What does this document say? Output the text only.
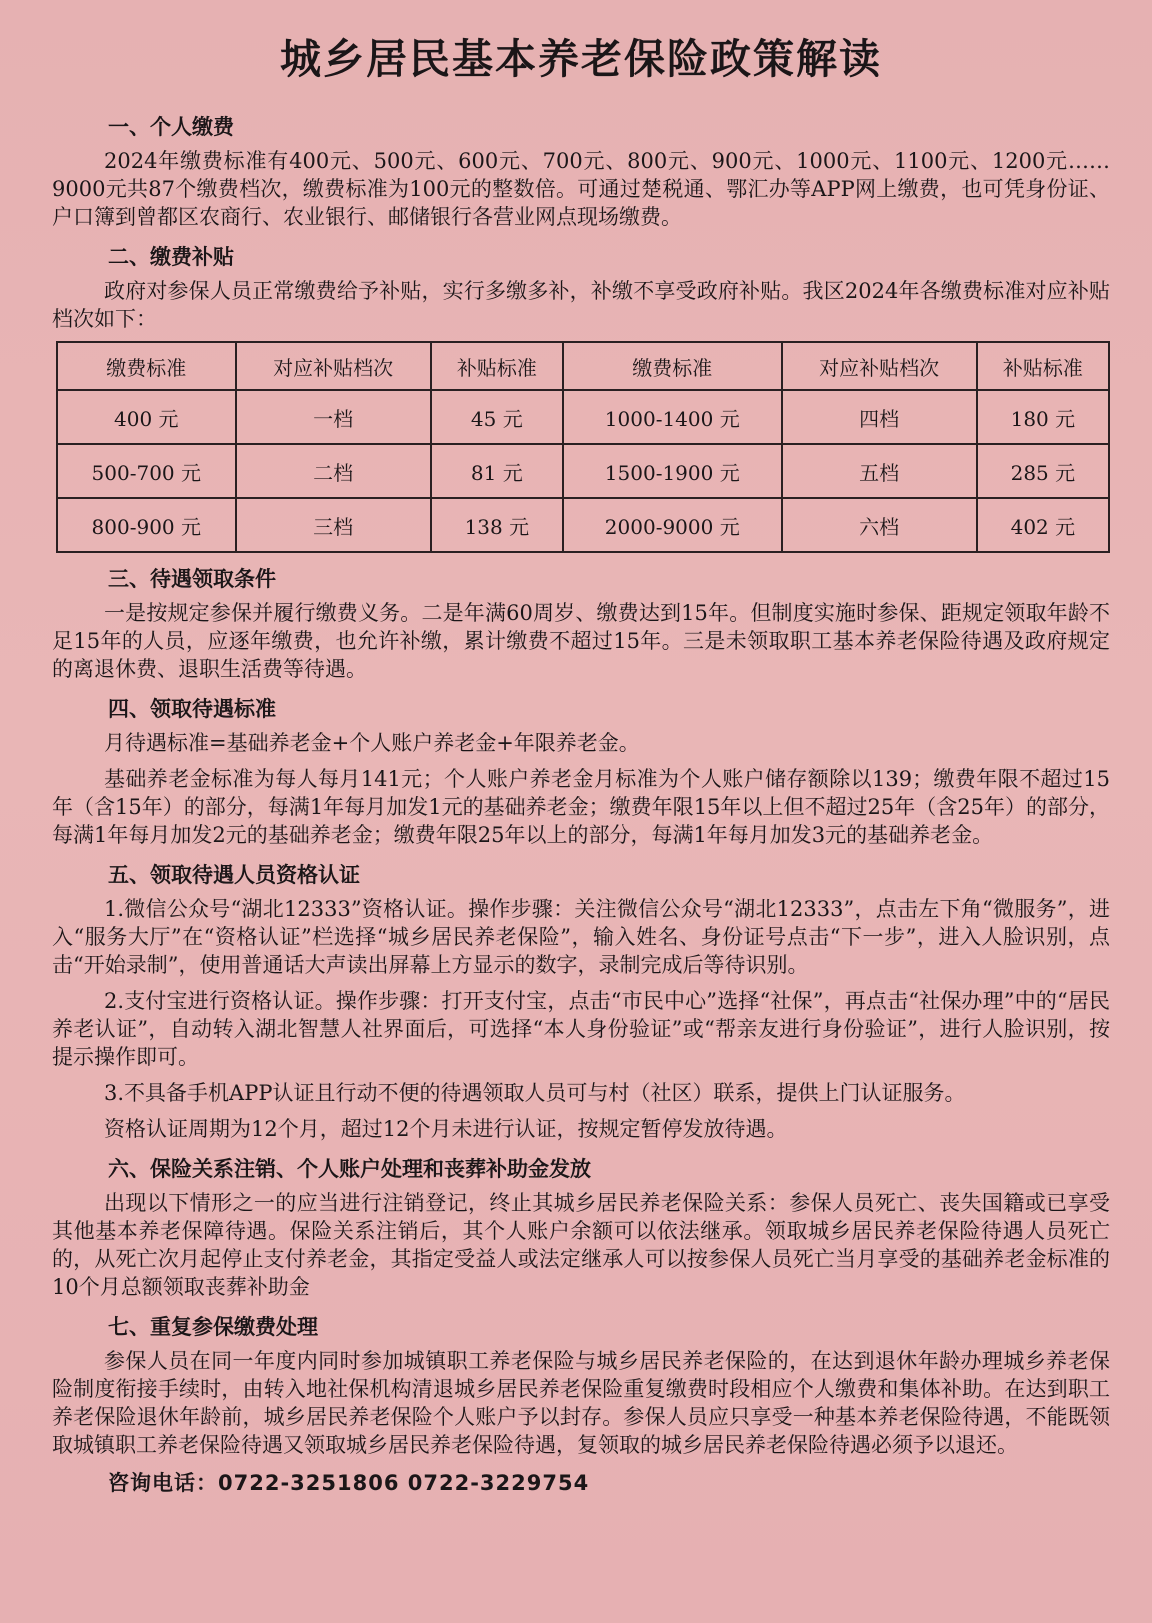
城乡居民基本养老保险政策解读
一、个人缴费

2024年缴费标准有400元、500元、600元、700元、800元、900元、1000元、1100元、1200元……9000元共87个缴费档次，缴费标准为100元的整数倍。可通过楚税通、鄂汇办等APP网上缴费，也可凭身份证、户口簿到曾都区农商行、农业银行、邮储银行各营业网点现场缴费。

二、缴费补贴

政府对参保人员正常缴费给予补贴，实行多缴多补，补缴不享受政府补贴。我区2024年各缴费标准对应补贴档次如下：

缴费标准	对应补贴档次	补贴标准	缴费标准	对应补贴档次	补贴标准
400 元	一档	45 元	1000-1400 元	四档	180 元
500-700 元	二档	81 元	1500-1900 元	五档	285 元
800-900 元	三档	138 元	2000-9000 元	六档	402 元
三、待遇领取条件

一是按规定参保并履行缴费义务。二是年满60周岁、缴费达到15年。但制度实施时参保、距规定领取年龄不足15年的人员，应逐年缴费，也允许补缴，累计缴费不超过15年。三是未领取职工基本养老保险待遇及政府规定的离退休费、退职生活费等待遇。

四、领取待遇标准

月待遇标准=基础养老金+个人账户养老金+年限养老金。

基础养老金标准为每人每月141元；个人账户养老金月标准为个人账户储存额除以139；缴费年限不超过15年（含15年）的部分，每满1年每月加发1元的基础养老金；缴费年限15年以上但不超过25年（含25年）的部分，每满1年每月加发2元的基础养老金；缴费年限25年以上的部分，每满1年每月加发3元的基础养老金。

五、领取待遇人员资格认证

1.微信公众号“湖北12333”资格认证。操作步骤：关注微信公众号“湖北12333”，点击左下角“微服务”，进入“服务大厅”在“资格认证”栏选择“城乡居民养老保险”，输入姓名、身份证号点击“下一步”，进入人脸识别，点击“开始录制”，使用普通话大声读出屏幕上方显示的数字，录制完成后等待识别。

2.支付宝进行资格认证。操作步骤：打开支付宝，点击“市民中心”选择“社保”，再点击“社保办理”中的“居民养老认证”，自动转入湖北智慧人社界面后，可选择“本人身份验证”或“帮亲友进行身份验证”，进行人脸识别，按提示操作即可。

3.不具备手机APP认证且行动不便的待遇领取人员可与村（社区）联系，提供上门认证服务。

资格认证周期为12个月，超过12个月未进行认证，按规定暂停发放待遇。

六、保险关系注销、个人账户处理和丧葬补助金发放

出现以下情形之一的应当进行注销登记，终止其城乡居民养老保险关系：参保人员死亡、丧失国籍或已享受其他基本养老保障待遇。保险关系注销后，其个人账户余额可以依法继承。领取城乡居民养老保险待遇人员死亡的，从死亡次月起停止支付养老金，其指定受益人或法定继承人可以按参保人员死亡当月享受的基础养老金标准的10个月总额领取丧葬补助金

七、重复参保缴费处理

参保人员在同一年度内同时参加城镇职工养老保险与城乡居民养老保险的，在达到退休年龄办理城乡养老保险制度衔接手续时，由转入地社保机构清退城乡居民养老保险重复缴费时段相应个人缴费和集体补助。在达到职工养老保险退休年龄前，城乡居民养老保险个人账户予以封存。参保人员应只享受一种基本养老保险待遇，不能既领取城镇职工养老保险待遇又领取城乡居民养老保险待遇，复领取的城乡居民养老保险待遇必须予以退还。

咨询电话：0722-3251806 0722-3229754
